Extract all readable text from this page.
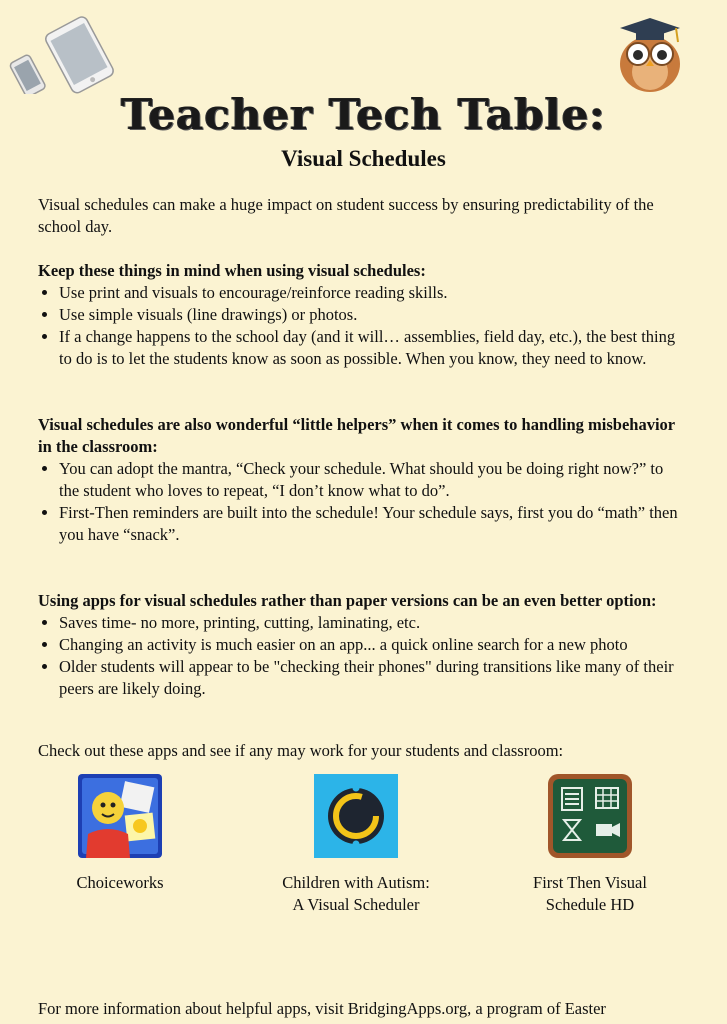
Teacher Tech Table:
Visual Schedules

Visual schedules can make a huge impact on student success by ensuring predictability of the school day.

Keep these things in mind when using visual schedules:

• Use print and visuals to encourage/reinforce reading skills.
• Use simple visuals (line drawings) or photos.
• If a change happens to the school day (and it will… assemblies, field day, etc.), the best thing to do is to let the students know as soon as possible. When you know, they need to know.

Visual schedules are also wonderful “little helpers” when it comes to handling misbehavior in the classroom:

• You can adopt the mantra, “Check your schedule. What should you be doing right now?” to the student who loves to repeat, “I don’t know what to do”.
• First-Then reminders are built into the schedule! Your schedule says, first you do “math” then you have “snack”.

Using apps for visual schedules rather than paper versions can be an even better option:

• Saves time- no more, printing, cutting, laminating, etc.
• Changing an activity is much easier on an app... a quick online search for a new photo
• Older students will appear to be "checking their phones" during transitions like many of their peers are likely doing.

Check out these apps and see if any may work for your students and classroom:

Choiceworks	Children with Autism:
A Visual Scheduler
First Then Visual
Schedule HD

For more information about helpful apps, visit BridgingApps.org, a program of Easter
